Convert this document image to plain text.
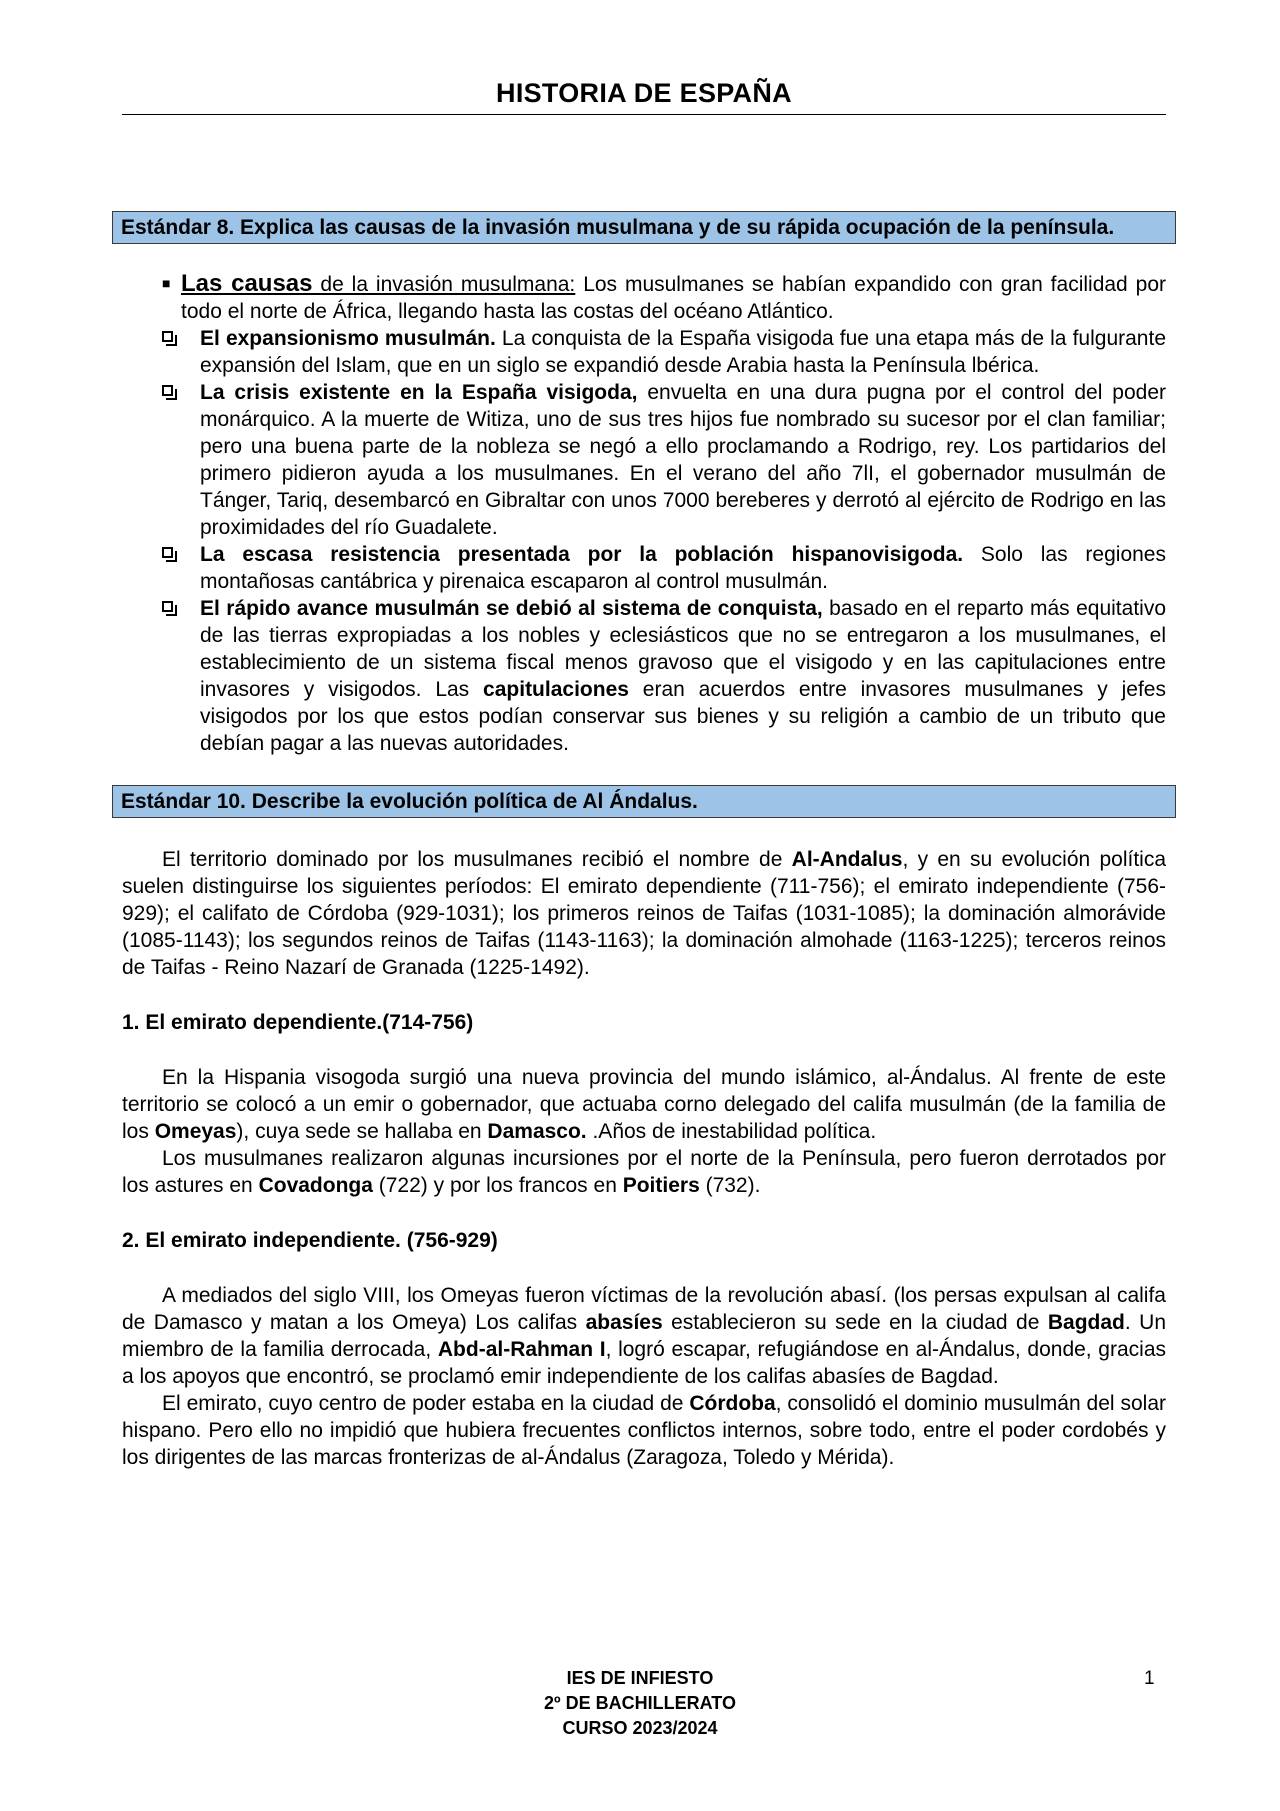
HISTORIA DE ESPAÑA
Estándar 8. Explica las causas de la invasión musulmana y de su rápida ocupación de la península.
■ Las causas de la invasión musulmana: Los musulmanes se habían expandido con gran facilidad por todo el norte de África, llegando hasta las costas del océano Atlántico.
El expansionismo musulmán. La conquista de la España visigoda fue una etapa más de la fulgurante expansión del Islam, que en un siglo se expandió desde Arabia hasta la Península lbérica.
La crisis existente en la España visigoda, envuelta en una dura pugna por el control del poder monárquico. A la muerte de Witiza, uno de sus tres hijos fue nombrado su sucesor por el clan familiar; pero una buena parte de la nobleza se negó a ello proclamando a Rodrigo, rey. Los partidarios del primero pidieron ayuda a los musulmanes. En el verano del año 7lI, el gobernador musulmán de Tánger, Tariq, desembarcó en Gibraltar con unos 7000 bereberes y derrotó al ejército de Rodrigo en las proximidades del río Guadalete.
La escasa resistencia presentada por la población hispanovisigoda. Solo las regiones montañosas cantábrica y pirenaica escaparon al control musulmán.
El rápido avance musulmán se debió al sistema de conquista, basado en el reparto más equitativo de las tierras expropiadas a los nobles y eclesiásticos que no se entregaron a los musulmanes, el establecimiento de un sistema fiscal menos gravoso que el visigodo y en las capitulaciones entre invasores y visigodos. Las capitulaciones eran acuerdos entre invasores musulmanes y jefes visigodos por los que estos podían conservar sus bienes y su religión a cambio de un tributo que debían pagar a las nuevas autoridades.
Estándar 10. Describe la evolución política de Al Ándalus.

El territorio dominado por los musulmanes recibió el nombre de Al-Andalus, y en su evolución política suelen distinguirse los siguientes períodos: El emirato dependiente (711-756); el emirato independiente (756-929); el califato de Córdoba (929-1031); los primeros reinos de Taifas (1031-1085); la dominación almorávide (1085-1143); los segundos reinos de Taifas (1143-1163); la dominación almohade (1163-1225); terceros reinos de Taifas - Reino Nazarí de Granada (1225-1492).

1. El emirato dependiente.(714-756)

En la Hispania visogoda surgió una nueva provincia del mundo islámico, al-Ándalus. Al frente de este territorio se colocó a un emir o gobernador, que actuaba corno delegado del califa musulmán (de la familia de los Omeyas), cuya sede se hallaba en Damasco. .Años de inestabilidad política.

Los musulmanes realizaron algunas incursiones por el norte de la Península, pero fueron derrotados por los astures en Covadonga (722) y por los francos en Poitiers (732).

2. El emirato independiente. (756-929)

A mediados del siglo VIII, los Omeyas fueron víctimas de la revolución abasí. (los persas expulsan al califa de Damasco y matan a los Omeya) Los califas abasíes establecieron su sede en la ciudad de Bagdad. Un miembro de la familia derrocada, Abd-al-Rahman I, logró escapar, refugiándose en al-Ándalus, donde, gracias a los apoyos que encontró, se proclamó emir independiente de los califas abasíes de Bagdad.

El emirato, cuyo centro de poder estaba en la ciudad de Córdoba, consolidó el dominio musulmán del solar hispano. Pero ello no impidió que hubiera frecuentes conflictos internos, sobre todo, entre el poder cordobés y los dirigentes de las marcas fronterizas de al-Ándalus (Zaragoza, Toledo y Mérida).

IES DE INFIESTO
2º DE BACHILLERATO
CURSO 2023/2024
1
